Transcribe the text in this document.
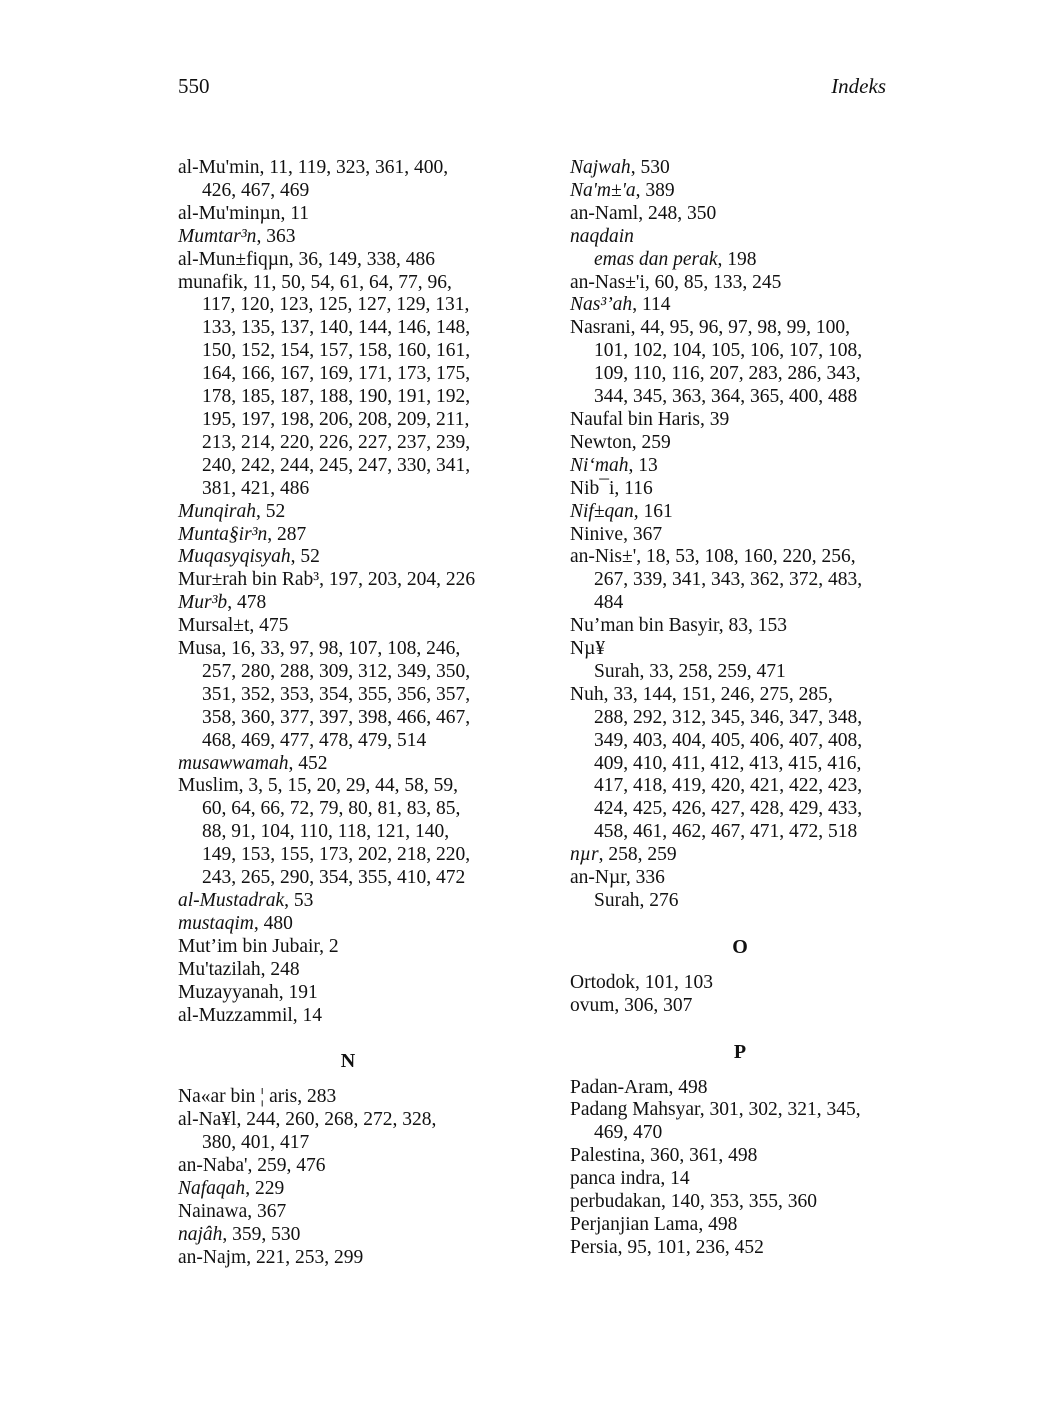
550	Indeks
al-Mu'min, 11, 119, 323, 361, 400,
426, 467, 469
al-Mu'minµn, 11
Mumtar³n, 363
al-Mun±fiqµn, 36, 149, 338, 486
munafik, 11, 50, 54, 61, 64, 77, 96,
117, 120, 123, 125, 127, 129, 131,
133, 135, 137, 140, 144, 146, 148,
150, 152, 154, 157, 158, 160, 161,
164, 166, 167, 169, 171, 173, 175,
178, 185, 187, 188, 190, 191, 192,
195, 197, 198, 206, 208, 209, 211,
213, 214, 220, 226, 227, 237, 239,
240, 242, 244, 245, 247, 330, 341,
381, 421, 486
Munqirah, 52
Munta§ir³n, 287
Muqasyqisyah, 52
Mur±rah bin Rab³, 197, 203, 204, 226
Mur³b, 478
Mursal±t, 475
Musa, 16, 33, 97, 98, 107, 108, 246,
257, 280, 288, 309, 312, 349, 350,
351, 352, 353, 354, 355, 356, 357,
358, 360, 377, 397, 398, 466, 467,
468, 469, 477, 478, 479, 514
musawwamah, 452
Muslim, 3, 5, 15, 20, 29, 44, 58, 59,
60, 64, 66, 72, 79, 80, 81, 83, 85,
88, 91, 104, 110, 118, 121, 140,
149, 153, 155, 173, 202, 218, 220,
243, 265, 290, 354, 355, 410, 472
al-Mustadrak, 53
mustaqim, 480
Mut’im bin Jubair, 2
Mu'tazilah, 248
Muzayyanah, 191
al-Muzzammil, 14
N
Na«ar bin ¦ aris, 283
al-Na¥l, 244, 260, 268, 272, 328,
380, 401, 417
an-Naba', 259, 476
Nafaqah, 229
Nainawa, 367
najâh, 359, 530
an-Najm, 221, 253, 299
Najwah, 530
Na'm±'a, 389
an-Naml, 248, 350
naqdain
emas dan perak, 198
an-Nas±'i, 60, 85, 133, 245
Nas³’ah, 114
Nasrani, 44, 95, 96, 97, 98, 99, 100,
101, 102, 104, 105, 106, 107, 108,
109, 110, 116, 207, 283, 286, 343,
344, 345, 363, 364, 365, 400, 488
Naufal bin Haris, 39
Newton, 259
Ni‘mah, 13
Nib¯i, 116
Nif±qan, 161
Ninive, 367
an-Nis±', 18, 53, 108, 160, 220, 256,
267, 339, 341, 343, 362, 372, 483,
484
Nu’man bin Basyir, 83, 153
Nµ¥
Surah, 33, 258, 259, 471
Nuh, 33, 144, 151, 246, 275, 285,
288, 292, 312, 345, 346, 347, 348,
349, 403, 404, 405, 406, 407, 408,
409, 410, 411, 412, 413, 415, 416,
417, 418, 419, 420, 421, 422, 423,
424, 425, 426, 427, 428, 429, 433,
458, 461, 462, 467, 471, 472, 518
nµr, 258, 259
an-Nµr, 336
Surah, 276
O
Ortodok, 101, 103
ovum, 306, 307
P
Padan-Aram, 498
Padang Mahsyar, 301, 302, 321, 345,
469, 470
Palestina, 360, 361, 498
panca indra, 14
perbudakan, 140, 353, 355, 360
Perjanjian Lama, 498
Persia, 95, 101, 236, 452
